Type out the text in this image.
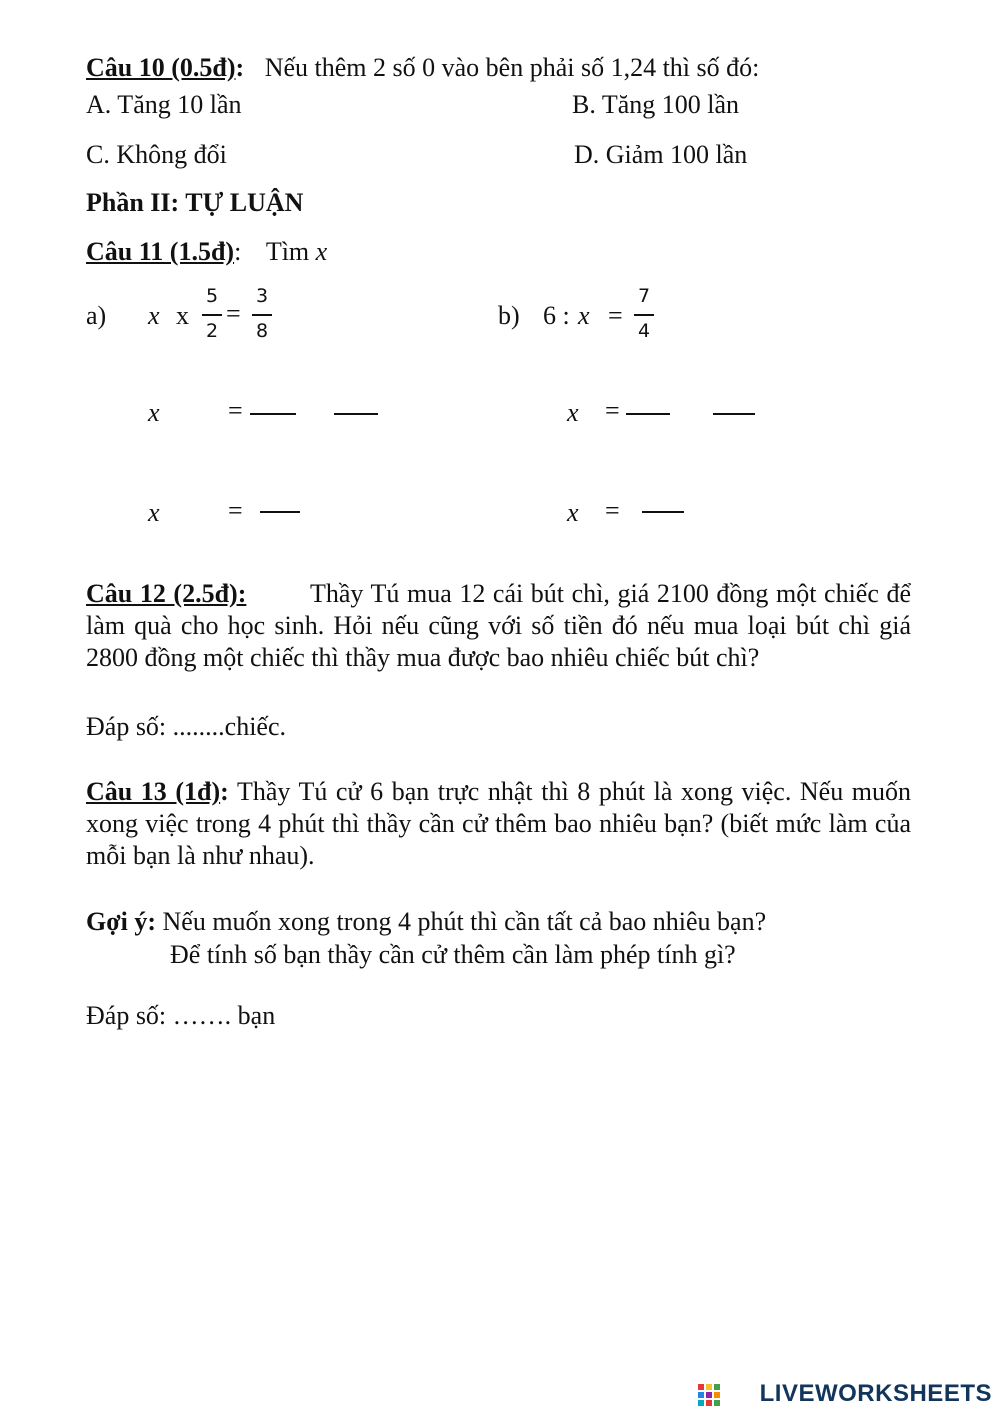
Câu 10 (0.5đ): Nếu thêm 2 số 0 vào bên phải số 1,24 thì số đó:
A. Tăng 10 lần	B. Tăng 100 lần
C. Không đổi	D. Giảm 100 lần
Phần II: TỰ LUẬN
Câu 11 (1.5đ): Tìm x
a) x x
5
2
=
3
8
b) 6 : x =
7
4
x	=	x =
x	=	x =
Câu 12 (2.5đ): Thầy Tú mua 12 cái bút chì, giá 2100 đồng một chiếc để làm quà cho học sinh. Hỏi nếu cũng với số tiền đó nếu mua loại bút chì giá 2800 đồng một chiếc thì thầy mua được bao nhiêu chiếc bút chì?
Đáp số: ........chiếc.
Câu 13 (1đ): Thầy Tú cử 6 bạn trực nhật thì 8 phút là xong việc. Nếu muốn xong việc trong 4 phút thì thầy cần cử thêm bao nhiêu bạn? (biết mức làm của mỗi bạn là như nhau).
Gợi ý: Nếu muốn xong trong 4 phút thì cần tất cả bao nhiêu bạn?
Để tính số bạn thầy cần cử thêm cần làm phép tính gì?
Đáp số: ……. bạn
LIVEWORKSHEETS
